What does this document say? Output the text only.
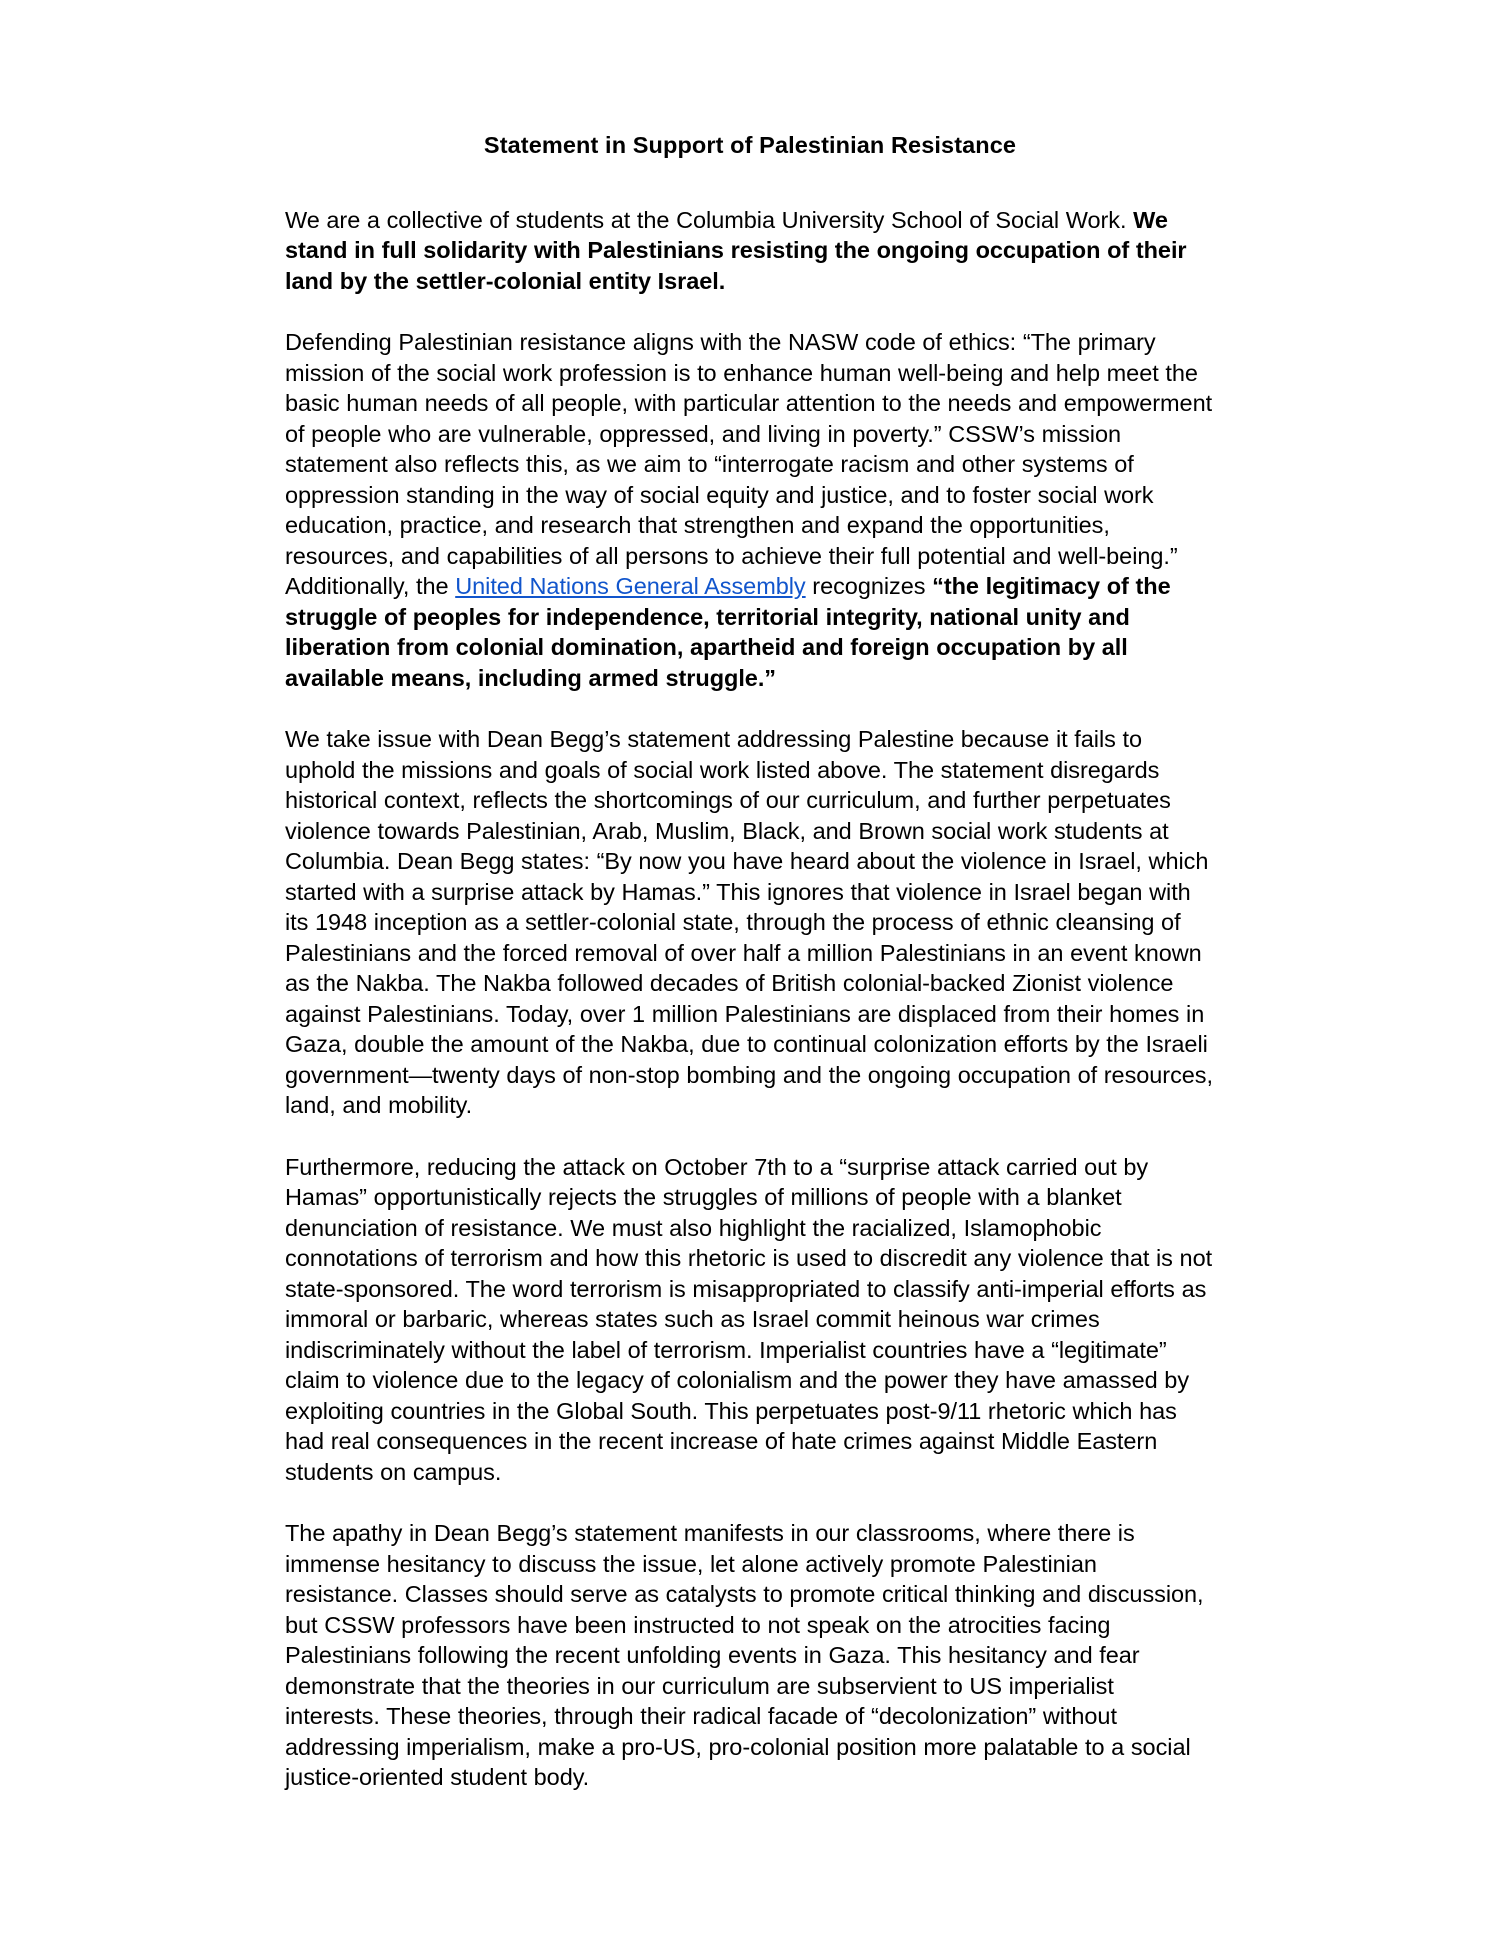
Statement in Support of Palestinian Resistance

We are a collective of students at the Columbia University School of Social Work. We stand in full solidarity with Palestinians resisting the ongoing occupation of their land by the settler-colonial entity Israel.

Defending Palestinian resistance aligns with the NASW code of ethics: “The primary mission of the social work profession is to enhance human well-being and help meet the basic human needs of all people, with particular attention to the needs and empowerment of people who are vulnerable, oppressed, and living in poverty.” CSSW’s mission statement also reflects this, as we aim to “interrogate racism and other systems of oppression standing in the way of social equity and justice, and to foster social work education, practice, and research that strengthen and expand the opportunities, resources, and capabilities of all persons to achieve their full potential and well-being.” Additionally, the United Nations General Assembly recognizes “the legitimacy of the struggle of peoples for independence, territorial integrity, national unity and liberation from colonial domination, apartheid and foreign occupation by all available means, including armed struggle.”

We take issue with Dean Begg’s statement addressing Palestine because it fails to uphold the missions and goals of social work listed above. The statement disregards historical context, reflects the shortcomings of our curriculum, and further perpetuates violence towards Palestinian, Arab, Muslim, Black, and Brown social work students at Columbia. Dean Begg states: “By now you have heard about the violence in Israel, which started with a surprise attack by Hamas.” This ignores that violence in Israel began with its 1948 inception as a settler-colonial state, through the process of ethnic cleansing of Palestinians and the forced removal of over half a million Palestinians in an event known as the Nakba. The Nakba followed decades of British colonial-backed Zionist violence against Palestinians. Today, over 1 million Palestinians are displaced from their homes in Gaza, double the amount of the Nakba, due to continual colonization efforts by the Israeli government—twenty days of non-stop bombing and the ongoing occupation of resources, land, and mobility.

Furthermore, reducing the attack on October 7th to a “surprise attack carried out by Hamas” opportunistically rejects the struggles of millions of people with a blanket denunciation of resistance. We must also highlight the racialized, Islamophobic connotations of terrorism and how this rhetoric is used to discredit any violence that is not state-sponsored. The word terrorism is misappropriated to classify anti-imperial efforts as immoral or barbaric, whereas states such as Israel commit heinous war crimes indiscriminately without the label of terrorism. Imperialist countries have a “legitimate” claim to violence due to the legacy of colonialism and the power they have amassed by exploiting countries in the Global South. This perpetuates post-9/11 rhetoric which has had real consequences in the recent increase of hate crimes against Middle Eastern students on campus.

The apathy in Dean Begg’s statement manifests in our classrooms, where there is immense hesitancy to discuss the issue, let alone actively promote Palestinian resistance. Classes should serve as catalysts to promote critical thinking and discussion, but CSSW professors have been instructed to not speak on the atrocities facing Palestinians following the recent unfolding events in Gaza. This hesitancy and fear demonstrate that the theories in our curriculum are subservient to US imperialist interests. These theories, through their radical facade of “decolonization” without addressing imperialism, make a pro-US, pro-colonial position more palatable to a social justice-oriented student body.
